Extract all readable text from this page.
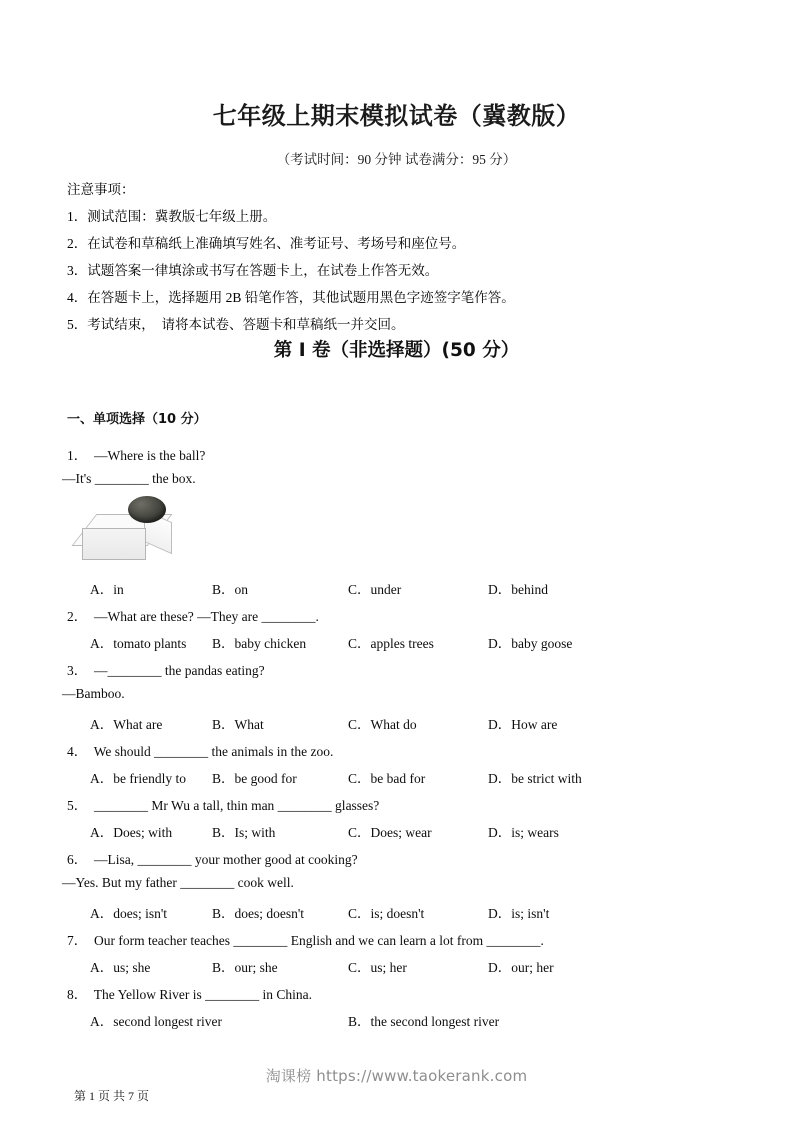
七年级上期末模拟试卷（冀教版）
（考试时间：90 分钟 试卷满分：95 分）
注意事项：
1．测试范围：冀教版七年级上册。
2．在试卷和草稿纸上准确填写姓名、准考证号、考场号和座位号。
3．试题答案一律填涂或书写在答题卡上，在试卷上作答无效。
4．在答题卡上，选择题用 2B 铅笔作答，其他试题用黑色字迹签字笔作答。
5．考试结束，  请将本试卷、答题卡和草稿纸一并交回。
第 I 卷（非选择题）(50 分）
一、单项选择（10 分）
1． —Where is the ball?
—It's ________ the box.
A．in	B．on	C．under	D．behind
2． —What are these? —They are ________.
A．tomato plants B．baby chicken	C．apples trees	D．baby goose
3． —________ the pandas eating?
—Bamboo.
A．What are	B．What	C．What do	D．How are
4． We should ________ the animals in the zoo.
A．be friendly to B．be good for	C．be bad for	D．be strict with
5． ________ Mr Wu a tall, thin man ________ glasses?
A．Does; with	B．Is; with	C．Does; wear	D．is; wears
6． —Lisa, ________ your mother good at cooking?
—Yes. But my father ________ cook well.
A．does; isn't	B．does; doesn't	C．is; doesn't	D．is; isn't
7． Our form teacher teaches ________ English and we can learn a lot from ________.
A．us; she	B．our; she	C．us; her	D．our; her
8． The Yellow River is ________ in China.
A．second longest river	B．the second longest river
淘课榜 https://www.taokerank.com
第 1 页 共 7 页
